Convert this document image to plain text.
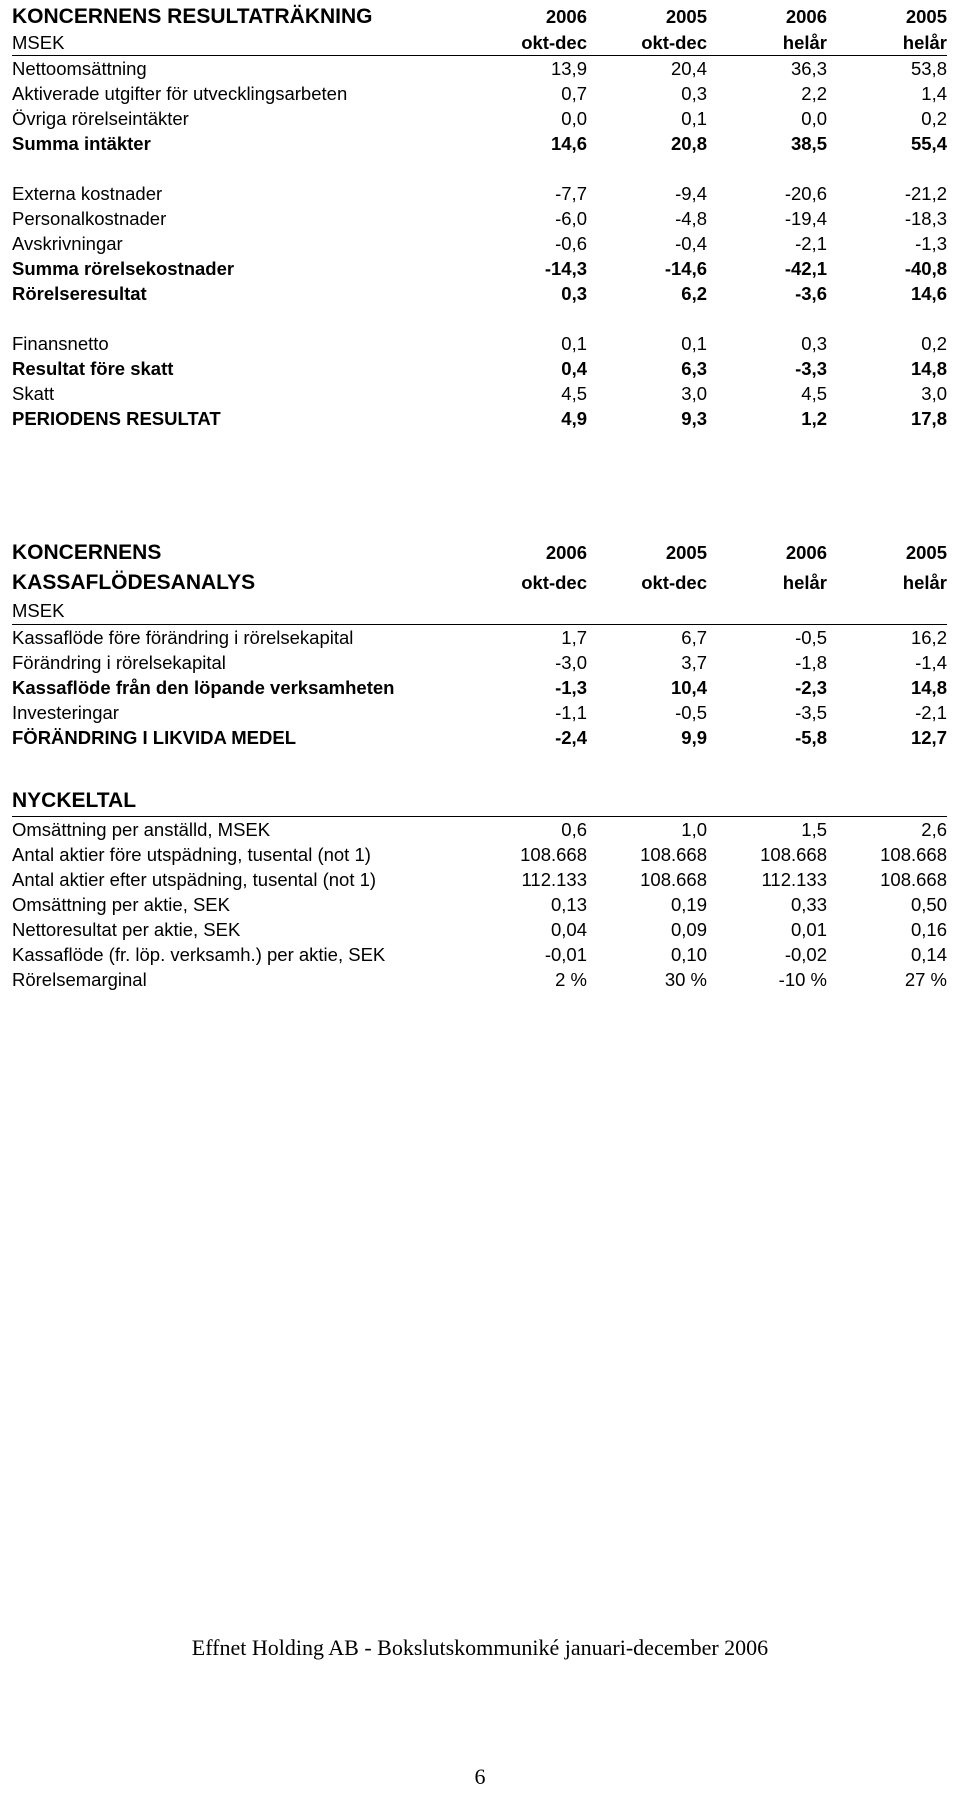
KONCERNENS RESULTATRÄKNING	2006	2005	2006	2005
MSEK	okt-dec	okt-dec	helår	helår
Nettoomsättning	13,9	20,4	36,3	53,8
Aktiverade utgifter för utvecklingsarbeten	0,7	0,3	2,2	1,4
Övriga rörelseintäkter	0,0	0,1	0,0	0,2
Summa intäkter	14,6	20,8	38,5	55,4

Externa kostnader	-7,7	-9,4	-20,6	-21,2
Personalkostnader	-6,0	-4,8	-19,4	-18,3
Avskrivningar	-0,6	-0,4	-2,1	-1,3
Summa rörelsekostnader	-14,3	-14,6	-42,1	-40,8
Rörelseresultat	0,3	6,2	-3,6	14,6

Finansnetto	0,1	0,1	0,3	0,2
Resultat före skatt	0,4	6,3	-3,3	14,8
Skatt	4,5	3,0	4,5	3,0
PERIODENS RESULTAT	4,9	9,3	1,2	17,8
KONCERNENS	2006	2005	2006	2005
KASSAFLÖDESANALYS	okt-dec	okt-dec	helår	helår
MSEK				
Kassaflöde före förändring i rörelsekapital	1,7	6,7	-0,5	16,2
Förändring i rörelsekapital	-3,0	3,7	-1,8	-1,4
Kassaflöde från den löpande verksamheten	-1,3	10,4	-2,3	14,8
Investeringar	-1,1	-0,5	-3,5	-2,1
FÖRÄNDRING I LIKVIDA MEDEL	-2,4	9,9	-5,8	12,7
NYCKELTAL				
Omsättning per anställd, MSEK	0,6	1,0	1,5	2,6
Antal aktier före utspädning, tusental (not 1)	108.668	108.668	108.668	108.668
Antal aktier efter utspädning, tusental (not 1)	112.133	108.668	112.133	108.668
Omsättning per aktie, SEK	0,13	0,19	0,33	0,50
Nettoresultat per aktie, SEK	0,04	0,09	0,01	0,16
Kassaflöde (fr. löp. verksamh.) per aktie, SEK	-0,01	0,10	-0,02	0,14
Rörelsemarginal	2 %	30 %	-10 %	27 %
Effnet Holding AB - Bokslutskommuniké januari-december 2006
6
